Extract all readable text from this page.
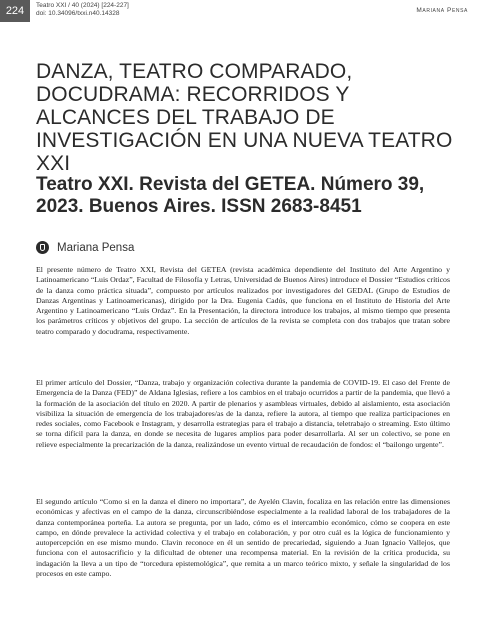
224	Teatro XXI / 40 (2024) [224-227]
doi: 10.34096/txxi.n40.14328	Mariana Pensa
DANZA, TEATRO COMPARADO, DOCUDRAMA: RECORRIDOS Y ALCANCES DEL TRABAJO DE INVESTIGACIÓN EN UNA NUEVA TEATRO XXI
Teatro XXI. Revista del GETEA. Número 39, 2023. Buenos Aires. ISSN 2683-8451
Mariana Pensa

El presente número de Teatro XXI, Revista del GETEA (revista académica dependiente del Instituto del Arte Argentino y Latinoamericano “Luis Ordaz”, Facultad de Filosofía y Letras, Universidad de Buenos Aires) introduce el Dossier “Estudios críticos de la danza como práctica situada”, compuesto por artículos realizados por investigadores del GEDAL (Grupo de Estudios de Danzas Argentinas y Latinoamericanas), dirigido por la Dra. Eugenia Cadús, que funciona en el Instituto de Historia del Arte Argentino y Latinoamericano “Luis Ordaz”. En la Presentación, la directora introduce los trabajos, al mismo tiempo que presenta los parámetros críticos y objetivos del grupo. La sección de artículos de la revista se completa con dos trabajos que tratan sobre teatro comparado y docudrama, respectivamente.

El primer artículo del Dossier, “Danza, trabajo y organización colectiva durante la pandemia de COVID-19. El caso del Frente de Emergencia de la Danza (FED)” de Aldana Iglesias, refiere a los cambios en el trabajo ocurridos a partir de la pandemia, que llevó a la formación de la asociación del título en 2020. A partir de plenarios y asambleas virtuales, debido al aislamiento, esta asociación visibiliza la situación de emergencia de los trabajadores/as de la danza, refiere la autora, al tiempo que realiza participaciones en redes sociales, como Facebook e Instagram, y desarrolla estrategias para el trabajo a distancia, teletrabajo o streaming. Esto último se torna difícil para la danza, en donde se necesita de lugares amplios para poder desarrollarla. Al ser un colectivo, se pone en relieve especialmente la precarización de la danza, realizándose un evento virtual de recaudación de fondos: el “bailongo urgente”.

El segundo artículo “Como si en la danza el dinero no importara”, de Ayelén Clavin, focaliza en las relación entre las dimensiones económicas y afectivas en el campo de la danza, circunscribiéndose especialmente a la realidad laboral de los trabajadores de la danza contemporánea porteña. La autora se pregunta, por un lado, cómo es el intercambio económico, cómo se coopera en este campo, en dónde prevalece la actividad colectiva y el trabajo en colaboración, y por otro cuál es la lógica de funcionamiento y autopercepción en ese mismo mundo. Clavin reconoce en él un sentido de precariedad, siguiendo a Juan Ignacio Vallejos, que funciona con el autosacrificio y la dificultad de obtener una recompensa material. En la revisión de la crítica producida, su indagación la lleva a un tipo de “torcedura epistemológica”, que remita a un marco teórico mixto, y señale la singularidad de los procesos en este campo.
